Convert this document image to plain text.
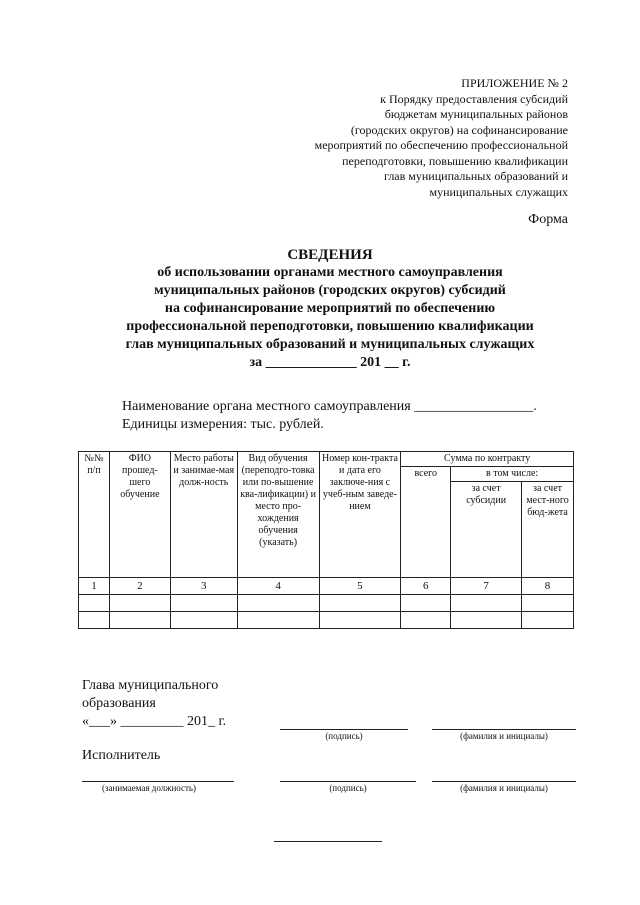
ПРИЛОЖЕНИЕ № 2
к Порядку предоставления субсидий
бюджетам муниципальных районов
(городских округов) на софинансирование
мероприятий по обеспечению профессиональной
переподготовки, повышению квалификации
глав муниципальных образований и
муниципальных служащих
Форма
СВЕДЕНИЯ
об использовании органами местного самоуправления
муниципальных районов (городских округов) субсидий
на софинансирование мероприятий по обеспечению
профессиональной переподготовки, повышению квалификации
глав муниципальных образований и муниципальных служащих
за _____________ 201 __ г.
Наименование органа местного самоуправления _________________.
Единицы измерения: тыс. рублей.
№№ п/п	ФИО прошед-шего обучение	Место работы и занимае-мая долж-ность	Вид обучения (переподго-товка или по-вышение ква-лификации) и место про-хождения обучения (указать)	Номер кон-тракта и дата его заключе-ния с учеб-ным заведе-нием	Сумма по контракту		
					всего	в том числе:	
						за счет субсидии	за счет мест-ного бюд-жета
1	2	3	4	5	6	7	8

Глава муниципального
образования
«___» _________ 201_ г.
(подпись)	(фамилия и инициалы)
Исполнитель
(занимаемая должность)	(подпись)	(фамилия и инициалы)
